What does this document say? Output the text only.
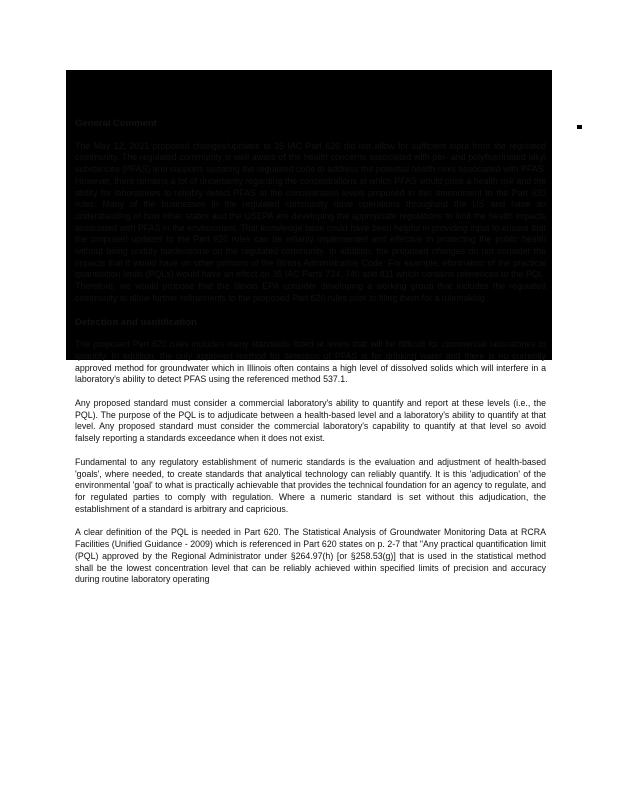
NWRA IL Chapter 's Comments on 35 Ill. Adm. Code 620 Proposed Amendments
General Comment

The May 12, 2021 proposed changes/updates to 35 IAC Part 620 did not allow for sufficient input from the regulated community. The regulated community is well aware of the health concerns associated with per- and polyfluorinated alkyl substances (PFAS) and supports updating the regulated code to address the potential health risks associated with PFAS. However, there remains a lot of uncertainty regarding the concentrations at which PFAS would pose a health risk and the ability for laboratories to reliably detect PFAS at the concentration levels proposed in this amendment to the Part 620 rules. Many of the businesses in the regulated community have operations throughout the US and have an understanding of how other states and the USEPA are developing the appropriate regulations to limit the health impacts associated with PFAS in the environment. That knowledge base could have been helpful in providing input to ensure that the proposed updates to the Part 620 rules can be reliably implemented and effective in protecting the public health without being unduly burdensome on the regulated community. In addition, the proposed changes do not consider the impacts that it would have on other portions of the Illinois Administrative Code. For example, elimination of the practical quantitation limits (PQLs) would have an effect on 35 IAC Parts 724, 740 and 811 which contains references to the PQL. Therefore, we would propose that the Illinois EPA consider developing a working group that includes the regulated community to allow further refinements to the proposed Part 620 rules prior to filing them for a rulemaking.

Detection and uantification

The proposed Part 620 rules includes many standards listed at levels that will be difficult for commercial laboratories to quantify. In addition, the only approved method for detection of PFAS is for drinking water and there is no currently approved method for groundwater which in Illinois often contains a high level of dissolved solids which will interfere in a laboratory's ability to detect PFAS using the referenced method 537.1.

Any proposed standard must consider a commercial laboratory's ability to quantify and report at these levels (i.e., the PQL). The purpose of the PQL is to adjudicate between a health-based level and a laboratory's ability to quantify at that level. Any proposed standard must consider the commercial laboratory's capability to quantify at that level so avoid falsely reporting a standards exceedance when it does not exist.

Fundamental to any regulatory establishment of numeric standards is the evaluation and adjustment of health-based 'goals', where needed, to create standards that analytical technology can reliably quantify. It is this 'adjudication' of the environmental 'goal' to what is practically achievable that provides the technical foundation for an agency to regulate, and for regulated parties to comply with regulation. Where a numeric standard is set without this adjudication, the establishment of a standard is arbitrary and capricious.

A clear definition of the PQL is needed in Part 620. The Statistical Analysis of Groundwater Monitoring Data at RCRA Facilities (Unified Guidance - 2009) which is referenced in Part 620 states on p. 2-7 that "Any practical quantification limit (PQL) approved by the Regional Administrator under §264.97(h) [or §258.53(g)] that is used in the statistical method shall be the lowest concentration level that can be reliably achieved within specified limits of precision and accuracy during routine laboratory operating
